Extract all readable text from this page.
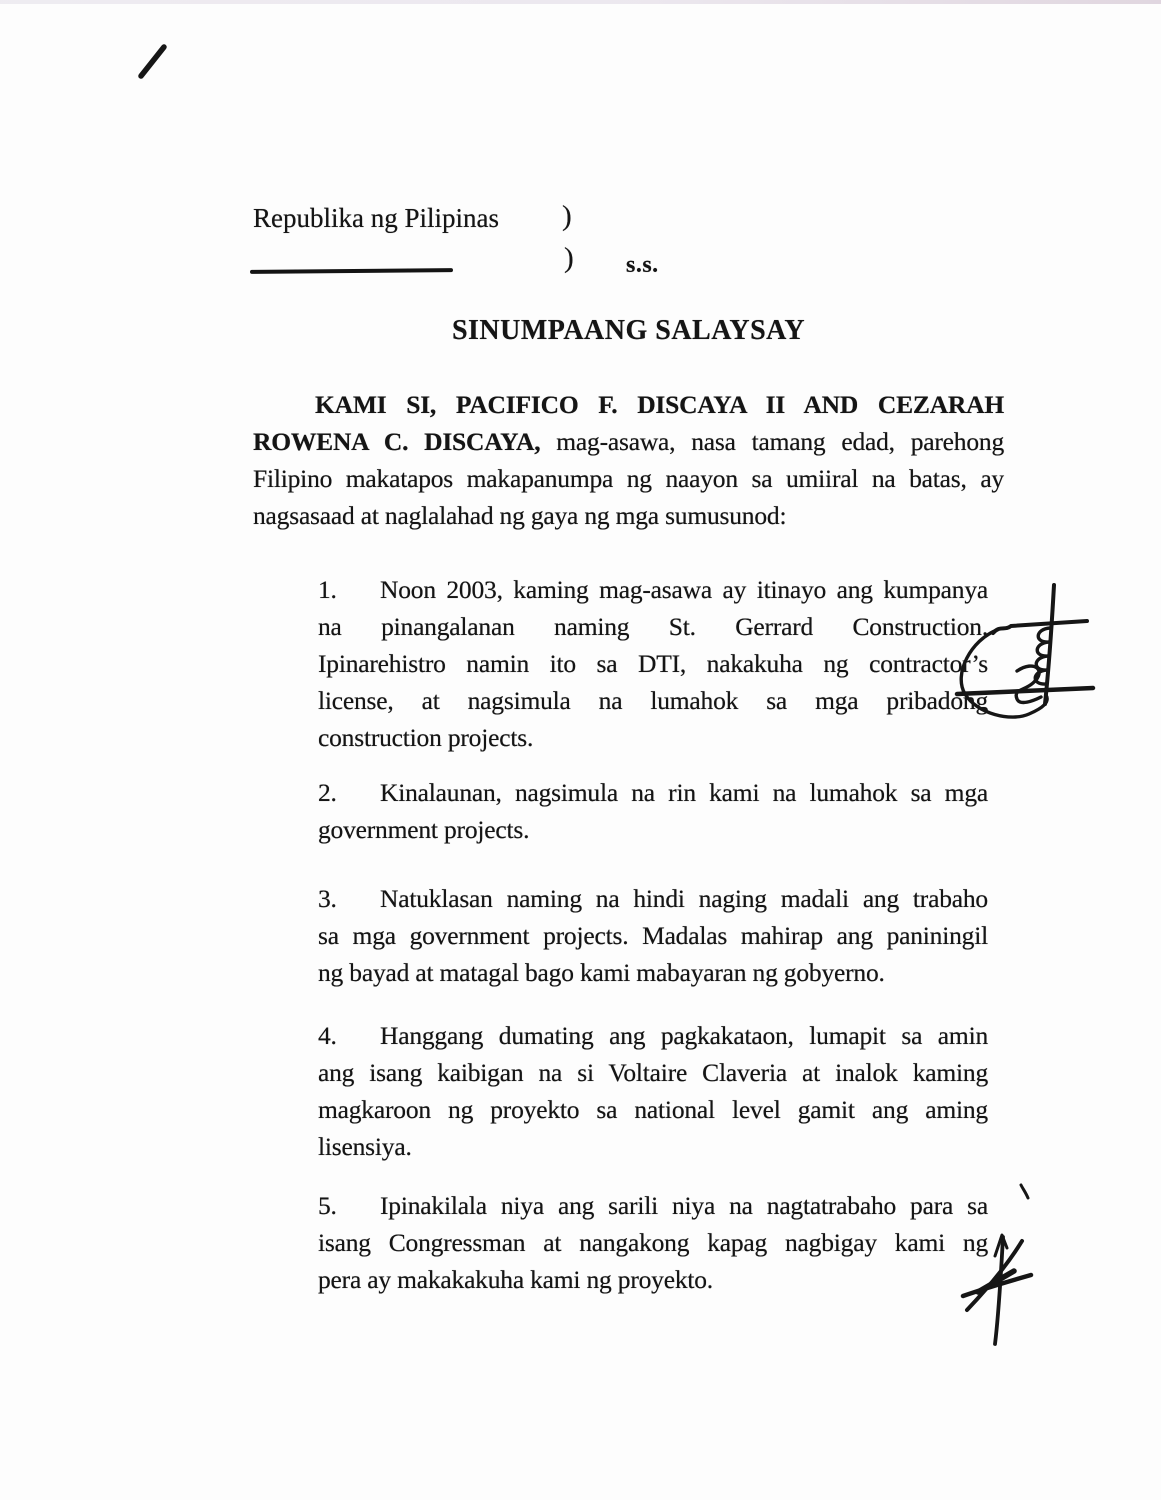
Republika ng Pilipinas )
) s.s.
SINUMPAANG SALAYSAY
KAMI SI, PACIFICO F. DISCAYA II AND CEZARAH
ROWENA C. DISCAYA, mag-asawa, nasa tamang edad, parehong
Filipino makatapos makapanumpa ng naayon sa umiiral na batas, ay
nagsasaad at naglalahad ng gaya ng mga sumusunod:
1.	Noon 2003, kaming mag-asawa ay itinayo ang kumpanya
na pinangalanan naming St. Gerrard Construction.
Ipinarehistro namin ito sa DTI, nakakuha ng contractor’s
license, at nagsimula na lumahok sa mga pribadong
construction projects.
2.	Kinalaunan, nagsimula na rin kami na lumahok sa mga
government projects.
3.	Natuklasan naming na hindi naging madali ang trabaho
sa mga government projects. Madalas mahirap ang paniningil
ng bayad at matagal bago kami mabayaran ng gobyerno.
4.	Hanggang dumating ang pagkakataon, lumapit sa amin
ang isang kaibigan na si Voltaire Claveria at inalok kaming
magkaroon ng proyekto sa national level gamit ang aming
lisensiya.
5.	Ipinakilala niya ang sarili niya na nagtatrabaho para sa
isang Congressman at nangakong kapag nagbigay kami ng
pera ay makakakuha kami ng proyekto.
